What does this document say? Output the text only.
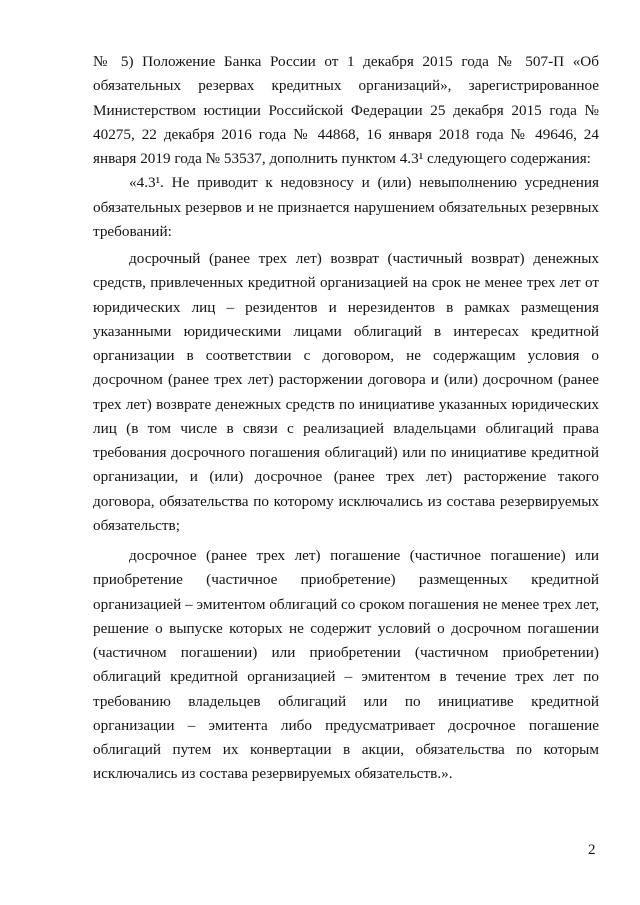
№ 5) Положение Банка России от 1 декабря 2015 года № 507-П «Об обязательных резервах кредитных организаций», зарегистрированное Министерством юстиции Российской Федерации 25 декабря 2015 года № 40275, 22 декабря 2016 года № 44868, 16 января 2018 года № 49646, 24 января 2019 года № 53537, дополнить пунктом 4.3¹ следующего содержания:

«4.3¹. Не приводит к недовзносу и (или) невыполнению усреднения обязательных резервов и не признается нарушением обязательных резервных требований:

досрочный (ранее трех лет) возврат (частичный возврат) денежных средств, привлеченных кредитной организацией на срок не менее трех лет от юридических лиц – резидентов и нерезидентов в рамках размещения указанными юридическими лицами облигаций в интересах кредитной организации в соответствии с договором, не содержащим условия о досрочном (ранее трех лет) расторжении договора и (или) досрочном (ранее трех лет) возврате денежных средств по инициативе указанных юридических лиц (в том числе в связи с реализацией владельцами облигаций права требования досрочного погашения облигаций) или по инициативе кредитной организации, и (или) досрочное (ранее трех лет) расторжение такого договора, обязательства по которому исключались из состава резервируемых обязательств;

досрочное (ранее трех лет) погашение (частичное погашение) или приобретение (частичное приобретение) размещенных кредитной организацией – эмитентом облигаций со сроком погашения не менее трех лет, решение о выпуске которых не содержит условий о досрочном погашении (частичном погашении) или приобретении (частичном приобретении) облигаций кредитной организацией – эмитентом в течение трех лет по требованию владельцев облигаций или по инициативе кредитной организации – эмитента либо предусматривает досрочное погашение облигаций путем их конвертации в акции, обязательства по которым исключались из состава резервируемых обязательств.».

2
